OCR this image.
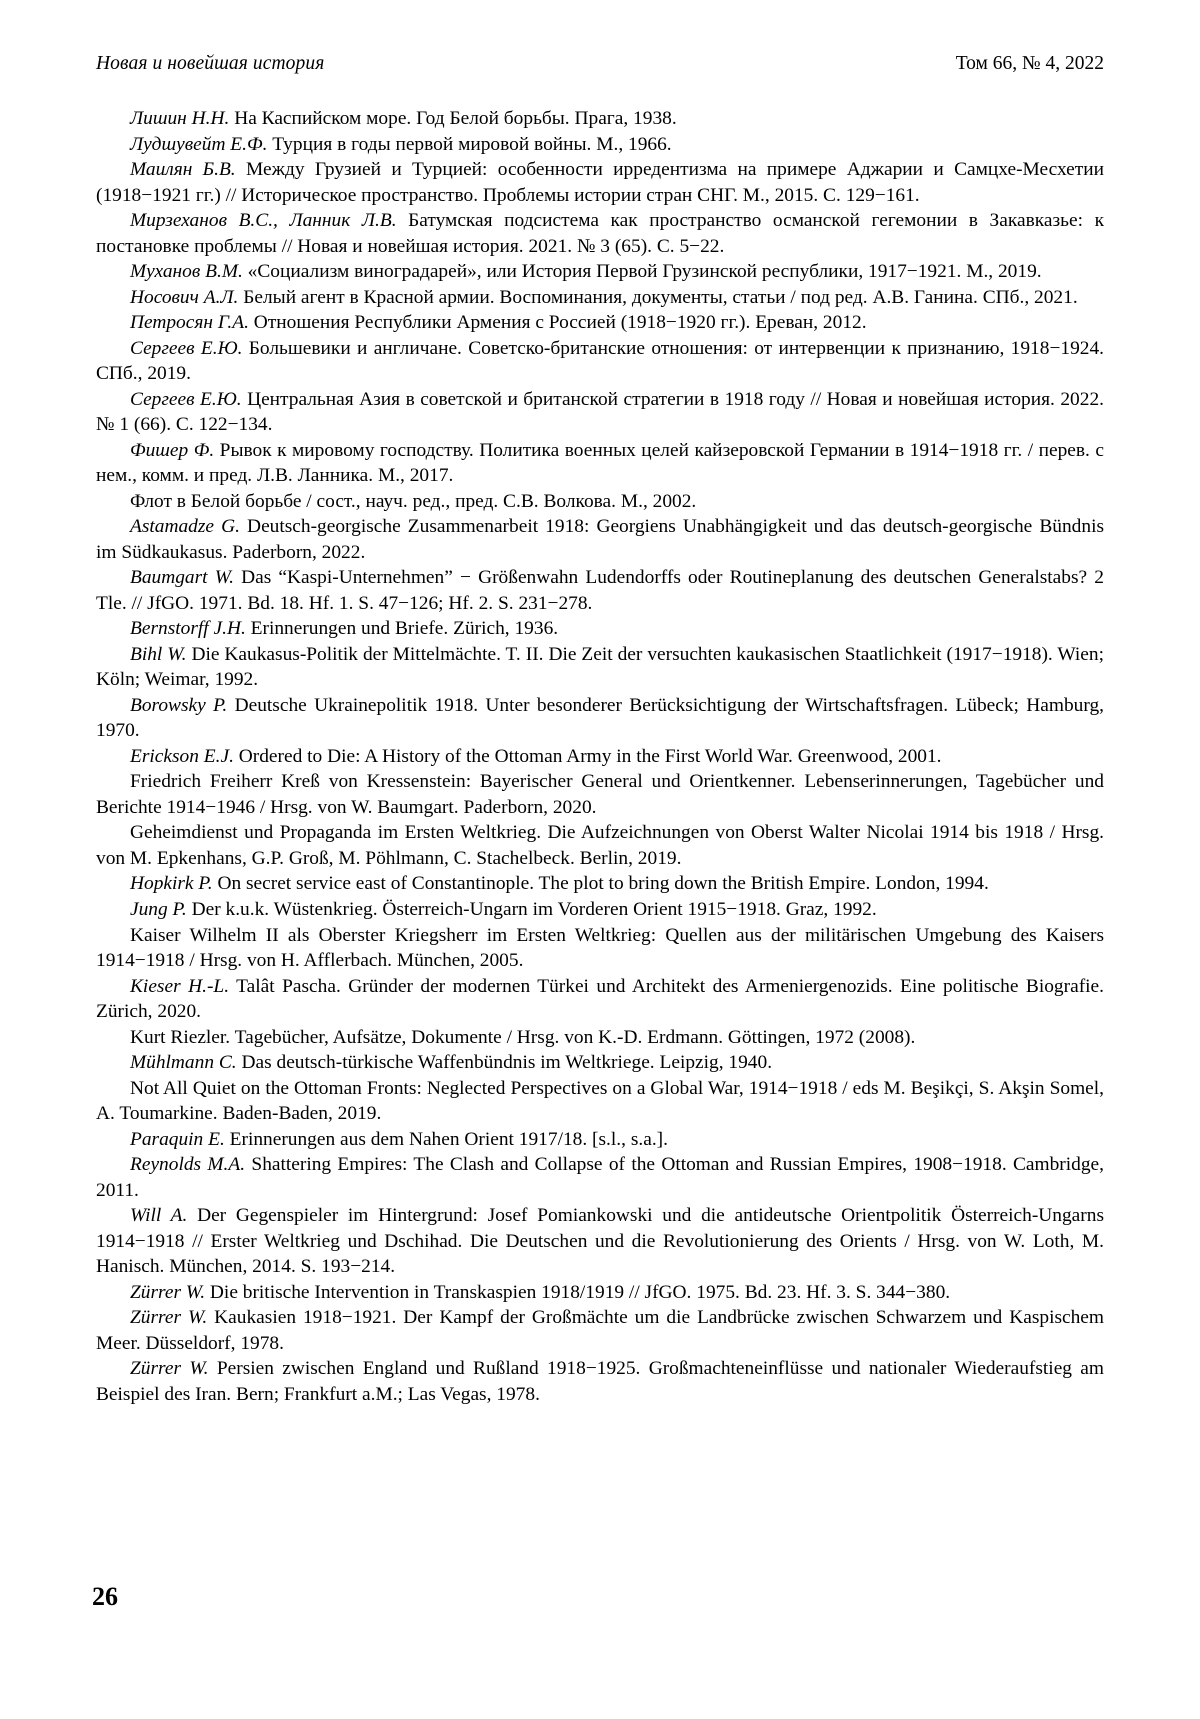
Новая и новейшая история	Том 66, № 4, 2022

Лишин Н.Н. На Каспийском море. Год Белой борьбы. Прага, 1938.

Лудшувейт Е.Ф. Турция в годы первой мировой войны. М., 1966.

Маилян Б.В. Между Грузией и Турцией: особенности ирредентизма на примере Аджарии и Самцхе-Месхетии (1918−1921 гг.) // Историческое пространство. Проблемы истории стран СНГ. М., 2015. С. 129−161.

Мирзеханов В.С., Ланник Л.В. Батумская подсистема как пространство османской гегемонии в Закавказье: к постановке проблемы // Новая и новейшая история. 2021. № 3 (65). С. 5−22.

Муханов В.М. «Социализм виноградарей», или История Первой Грузинской республики, 1917−1921. М., 2019.

Носович А.Л. Белый агент в Красной армии. Воспоминания, документы, статьи / под ред. А.В. Ганина. СПб., 2021.

Петросян Г.А. Отношения Республики Армения с Россией (1918−1920 гг.). Ереван, 2012.

Сергеев Е.Ю. Большевики и англичане. Советско-британские отношения: от интервенции к признанию, 1918−1924. СПб., 2019.

Сергеев Е.Ю. Центральная Азия в советской и британской стратегии в 1918 году // Новая и новейшая история. 2022. № 1 (66). С. 122−134.

Фишер Ф. Рывок к мировому господству. Политика военных целей кайзеровской Германии в 1914−1918 гг. / перев. с нем., комм. и пред. Л.В. Ланника. М., 2017.

Флот в Белой борьбе / сост., науч. ред., пред. С.В. Волкова. М., 2002.

Astamadze G. Deutsch-georgische Zusammenarbeit 1918: Georgiens Unabhängigkeit und das deutsch-georgische Bündnis im Südkaukasus. Paderborn, 2022.

Baumgart W. Das “Kaspi-Unternehmen” − Größenwahn Ludendorffs oder Routineplanung des deutschen Generalstabs? 2 Tle. // JfGO. 1971. Bd. 18. Hf. 1. S. 47−126; Hf. 2. S. 231−278.

Bernstorff J.H. Erinnerungen und Briefe. Zürich, 1936.

Bihl W. Die Kaukasus-Politik der Mittelmächte. T. II. Die Zeit der versuchten kaukasischen Staatlichkeit (1917−1918). Wien; Köln; Weimar, 1992.

Borowsky P. Deutsche Ukrainepolitik 1918. Unter besonderer Berücksichtigung der Wirtschaftsfragen. Lübeck; Hamburg, 1970.

Erickson E.J. Ordered to Die: A History of the Ottoman Army in the First World War. Greenwood, 2001.

Friedrich Freiherr Kreß von Kressenstein: Bayerischer General und Orientkenner. Lebenserinnerungen, Tagebücher und Berichte 1914−1946 / Hrsg. von W. Baumgart. Paderborn, 2020.

Geheimdienst und Propaganda im Ersten Weltkrieg. Die Aufzeichnungen von Oberst Walter Nicolai 1914 bis 1918 / Hrsg. von M. Epkenhans, G.P. Groß, M. Pöhlmann, C. Stachelbeck. Berlin, 2019.

Hopkirk P. On secret service east of Constantinople. The plot to bring down the British Empire. London, 1994.

Jung P. Der k.u.k. Wüstenkrieg. Österreich-Ungarn im Vorderen Orient 1915−1918. Graz, 1992.

Kaiser Wilhelm II als Oberster Kriegsherr im Ersten Weltkrieg: Quellen aus der militärischen Umgebung des Kaisers 1914−1918 / Hrsg. von H. Afflerbach. München, 2005.

Kieser H.-L. Talât Pascha. Gründer der modernen Türkei und Architekt des Armeniergenozids. Eine politische Biografie. Zürich, 2020.

Kurt Riezler. Tagebücher, Aufsätze, Dokumente / Hrsg. von K.-D. Erdmann. Göttingen, 1972 (2008).

Mühlmann C. Das deutsch-türkische Waffenbündnis im Weltkriege. Leipzig, 1940.

Not All Quiet on the Ottoman Fronts: Neglected Perspectives on a Global War, 1914−1918 / eds M. Beşikçi, S. Akşin Somel, A. Toumarkine. Baden-Baden, 2019.

Paraquin E. Erinnerungen aus dem Nahen Orient 1917/18. [s.l., s.a.].

Reynolds M.A. Shattering Empires: The Clash and Collapse of the Ottoman and Russian Empires, 1908−1918. Cambridge, 2011.

Will A. Der Gegenspieler im Hintergrund: Josef Pomiankowski und die antideutsche Orientpolitik Österreich-Ungarns 1914−1918 // Erster Weltkrieg und Dschihad. Die Deutschen und die Revolutionierung des Orients / Hrsg. von W. Loth, M. Hanisch. München, 2014. S. 193−214.

Zürrer W. Die britische Intervention in Transkaspien 1918/1919 // JfGO. 1975. Bd. 23. Hf. 3. S. 344−380.

Zürrer W. Kaukasien 1918−1921. Der Kampf der Großmächte um die Landbrücke zwischen Schwarzem und Kaspischem Meer. Düsseldorf, 1978.

Zürrer W. Persien zwischen England und Rußland 1918−1925. Großmachteneinflüsse und nationaler Wiederaufstieg am Beispiel des Iran. Bern; Frankfurt a.M.; Las Vegas, 1978.

26
